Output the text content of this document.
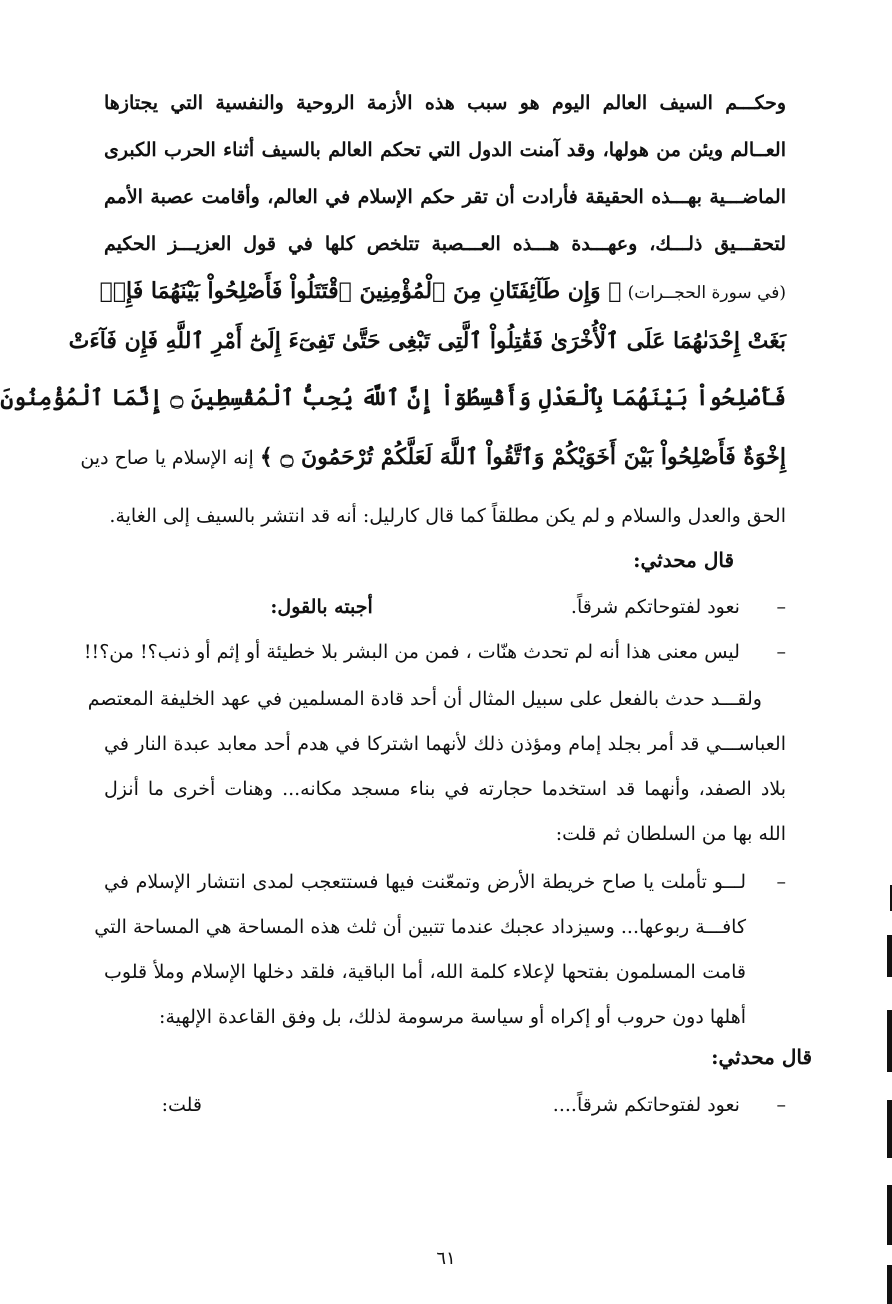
وحكـــم السيف العالم اليوم هو سبب هذه الأزمة الروحية والنفسية التي يجتازها
العــالم ويئن من هولها، وقد آمنت الدول التي تحكم العالم بالسيف أثناء الحرب الكبرى
الماضـــية بهـــذه الحقيقة فأرادت أن تقر حكم الإسلام في العالم، وأقامت عصبة الأمم
لتحقـــيق ذلـــك، وعهـــدة هـــذه العـــصبة تتلخص كلها في قول العزيـــز الحكيم
(في سورة الحجــرات) ﴿ وَإِن طَآئِفَتَانِ مِنَ ٱلْمُؤْمِنِينَ ٱقْتَتَلُواْ فَأَصْلِحُواْ بَيْنَهُمَا فَإِنۢ
بَغَتْ إِحْدَىٰهُمَا عَلَى ٱلْأُخْرَىٰ فَقَٰتِلُواْ ٱلَّتِى تَبْغِى حَتَّىٰ تَفِىٓءَ إِلَىٰٓ أَمْرِ ٱللَّهِ فَإِن فَآءَتْ
فَأَصْلِحُواْ بَيْنَهُمَا بِٱلْعَدْلِ وَأَقْسِطُوٓاْ إِنَّ ٱللَّهَ يُحِبُّ ٱلْمُقْسِطِينَ ۝ إِنَّمَا ٱلْمُؤْمِنُونَ
إِخْوَةٌ فَأَصْلِحُواْ بَيْنَ أَخَوَيْكُمْ وَٱتَّقُواْ ٱللَّهَ لَعَلَّكُمْ تُرْحَمُونَ ۝ ﴾ إنه الإسلام يا صاح دين
الحق والعدل والسلام و لم يكن مطلقاً كما قال كارليل: أنه قد انتشر بالسيف إلى الغاية.
قال محدثي:
– نعود لفتوحاتكم شرقاً.  أجبته بالقول:
– ليس معنى هذا أنه لم تحدث هنّات ، فمن من البشر بلا خطيئة أو إثم أو ذنب؟! من؟!!
ولقـــد حدث بالفعل على سبيل المثال أن أحد قادة المسلمين في عهد الخليفة المعتصم
العباســـي قد أمر بجلد إمام ومؤذن ذلك لأنهما اشتركا في هدم أحد معابد عبدة النار في
بلاد الصفد، وأنهما قد استخدما حجارته في بناء مسجد مكانه... وهنات أخرى ما أنزل
الله بها من السلطان ثم قلت:
–
لـــو تأملت يا صاح خريطة الأرض وتمعّنت فيها فستتعجب لمدى انتشار الإسلام في
كافـــة ربوعها... وسيزداد عجبك عندما تتبين أن ثلث هذه المساحة هي المساحة التي
قامت المسلمون بفتحها لإعلاء كلمة الله، أما الباقية، فلقد دخلها الإسلام وملأ قلوب
أهلها دون حروب أو إكراه أو سياسة مرسومة لذلك، بل وفق القاعدة الإلهية:
قال محدثي:
– نعود لفتوحاتكم شرقاً....
قلت:
٦١
